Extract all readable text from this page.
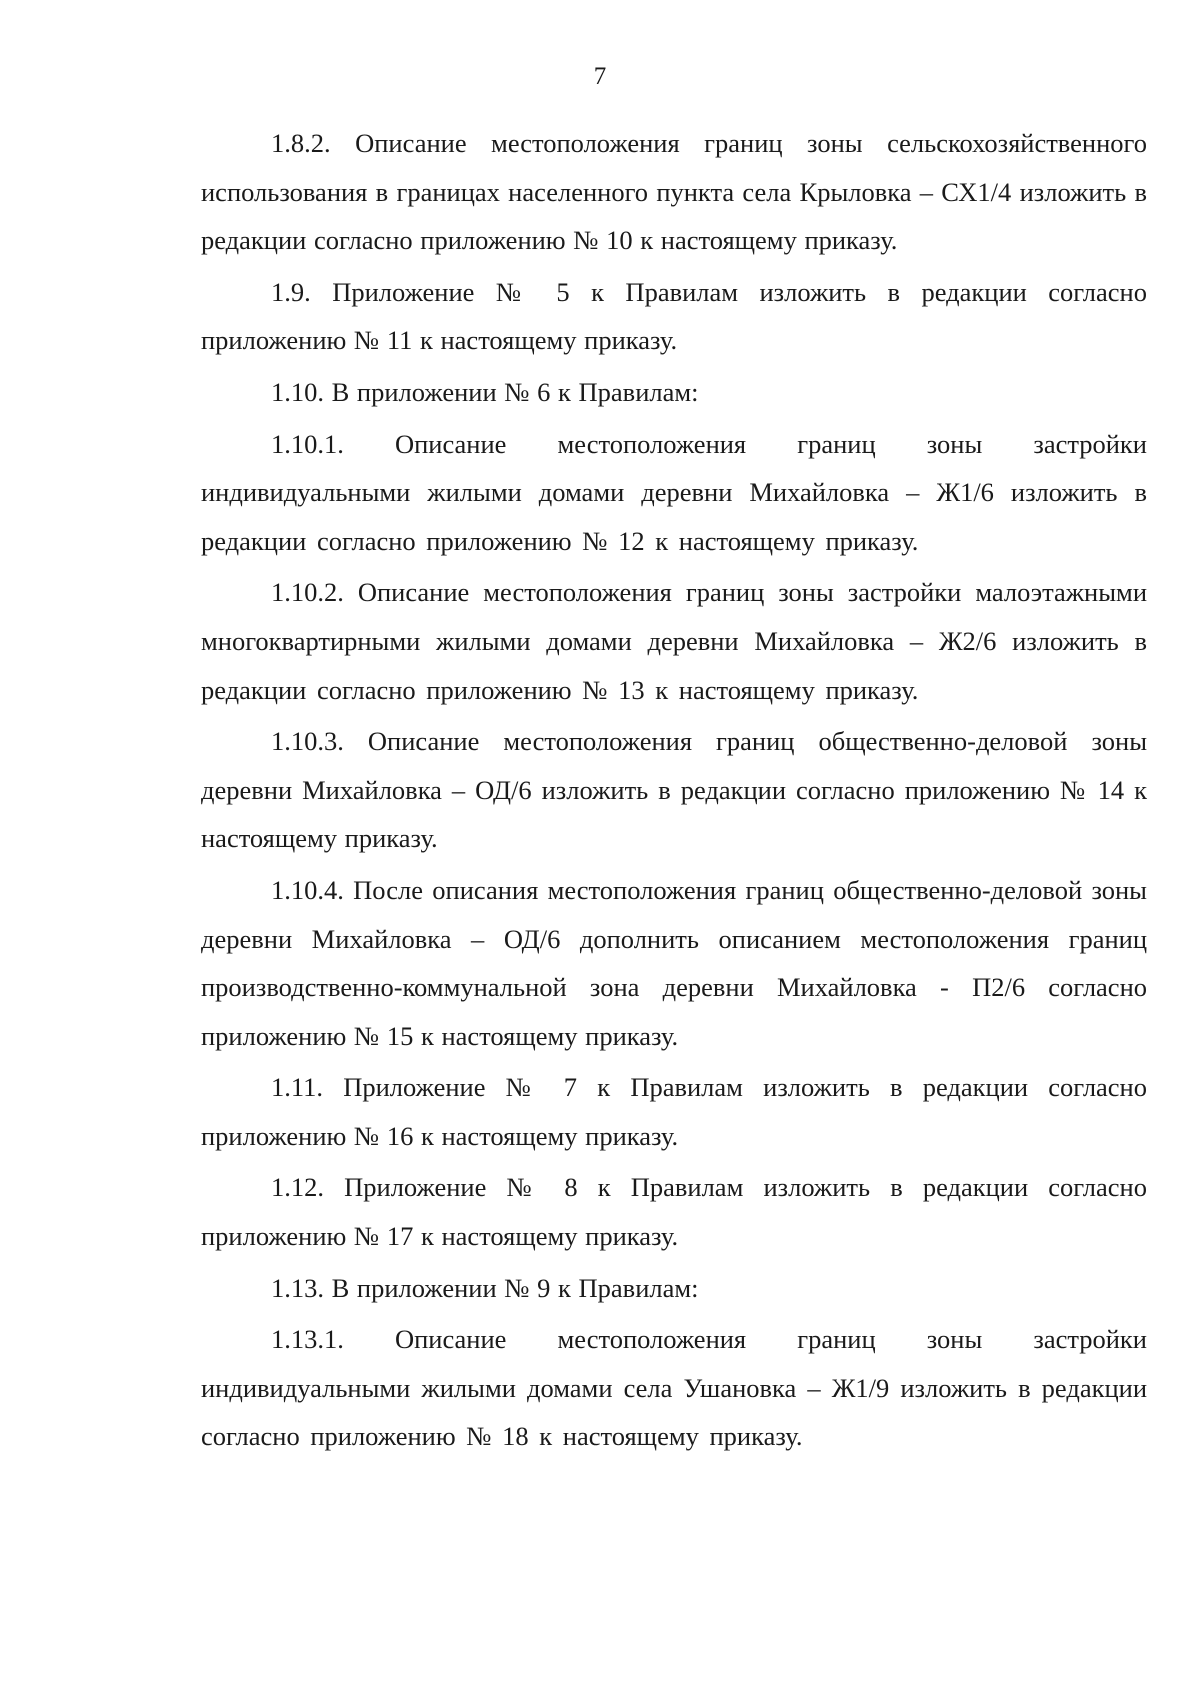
7

1.8.2. Описание местоположения границ зоны сельскохозяйственного использования в границах населенного пункта села Крыловка – СХ1/4 изложить в редакции согласно приложению № 10 к настоящему приказу.

1.9. Приложение № 5 к Правилам изложить в редакции согласно приложению № 11 к настоящему приказу.

1.10. В приложении № 6 к Правилам:

1.10.1. Описание местоположения границ зоны застройки индивидуальными жилыми домами деревни Михайловка – Ж1/6 изложить в редакции согласно приложению № 12 к настоящему приказу.

1.10.2. Описание местоположения границ зоны застройки малоэтажными многоквартирными жилыми домами деревни Михайловка – Ж2/6 изложить в редакции согласно приложению № 13 к настоящему приказу.

1.10.3. Описание местоположения границ общественно-деловой зоны деревни Михайловка – ОД/6 изложить в редакции согласно приложению № 14 к настоящему приказу.

1.10.4. После описания местоположения границ общественно-деловой зоны деревни Михайловка – ОД/6 дополнить описанием местоположения границ производственно-коммунальной зона деревни Михайловка - П2/6 согласно приложению № 15 к настоящему приказу.

1.11. Приложение № 7 к Правилам изложить в редакции согласно приложению № 16 к настоящему приказу.

1.12. Приложение № 8 к Правилам изложить в редакции согласно приложению № 17 к настоящему приказу.

1.13. В приложении № 9 к Правилам:

1.13.1. Описание местоположения границ зоны застройки индивидуальными жилыми домами села Ушановка – Ж1/9 изложить в редакции согласно приложению № 18 к настоящему приказу.
